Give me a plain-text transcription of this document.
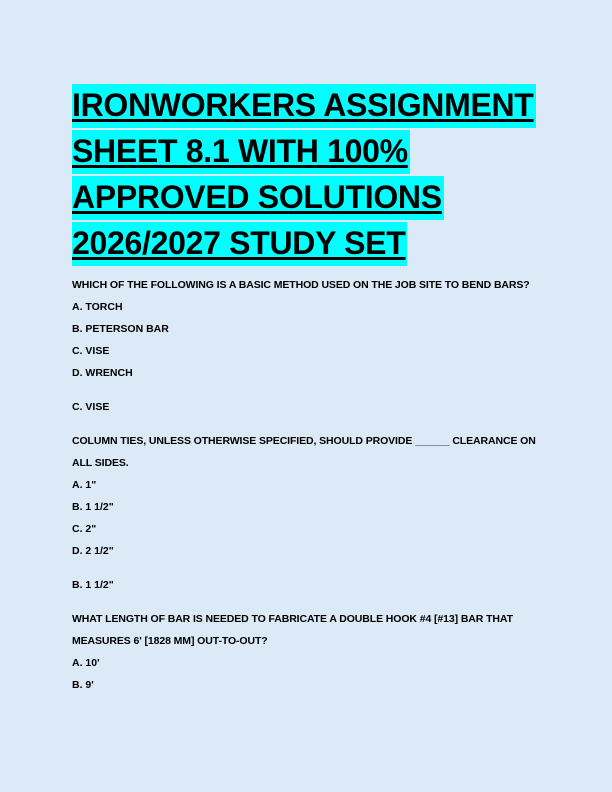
IRONWORKERS ASSIGNMENT
SHEET 8.1 WITH 100%
APPROVED SOLUTIONS
2026/2027 STUDY SET
WHICH OF THE FOLLOWING IS A BASIC METHOD USED ON THE JOB SITE TO BEND BARS?
A. TORCH
B. PETERSON BAR
C. VISE
D. WRENCH
C. VISE
COLUMN TIES, UNLESS OTHERWISE SPECIFIED, SHOULD PROVIDE ______ CLEARANCE ON ALL SIDES.
A. 1"
B. 1 1/2"
C. 2"
D. 2 1/2"
B. 1 1/2"
WHAT LENGTH OF BAR IS NEEDED TO FABRICATE A DOUBLE HOOK #4 [#13] BAR THAT MEASURES 6' [1828 MM] OUT-TO-OUT?
A. 10'
B. 9'
